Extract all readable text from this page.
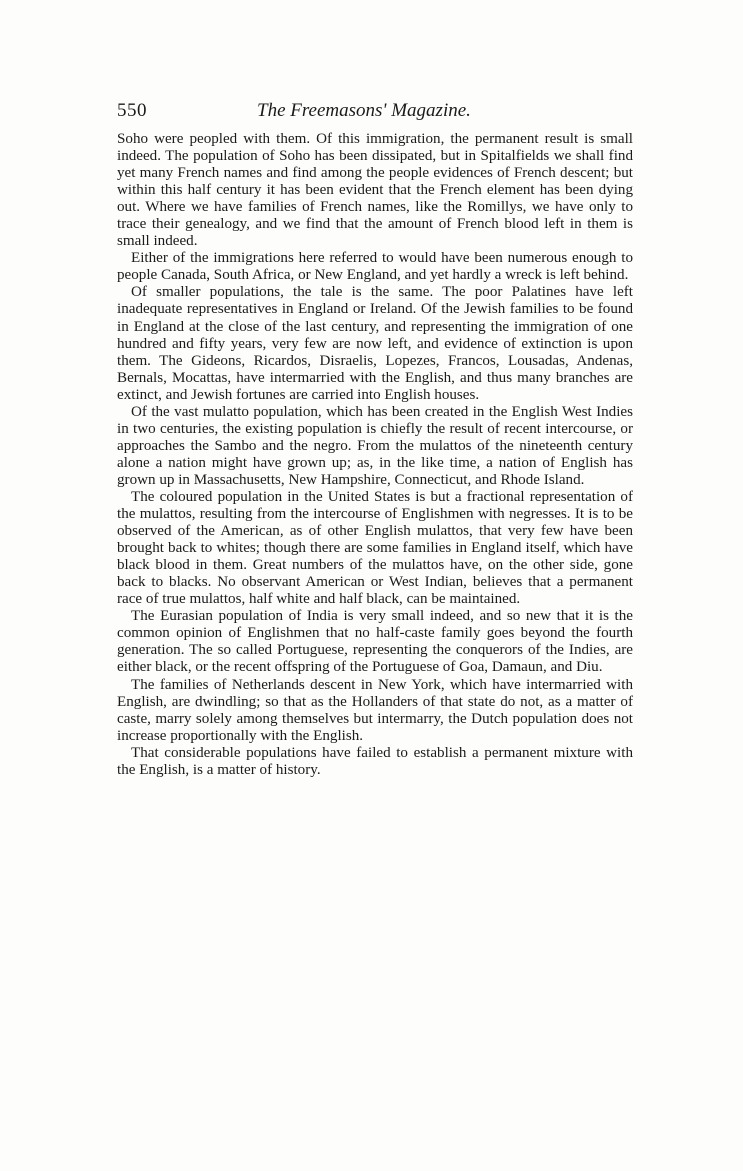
550	The Freemasons' Magazine.

Soho were peopled with them. Of this immigration, the permanent result is small indeed. The population of Soho has been dissipated, but in Spitalfields we shall find yet many French names and find among the people evidences of French descent; but within this half century it has been evident that the French element has been dying out. Where we have families of French names, like the Romillys, we have only to trace their genealogy, and we find that the amount of French blood left in them is small indeed.

Either of the immigrations here referred to would have been numerous enough to people Canada, South Africa, or New England, and yet hardly a wreck is left behind.

Of smaller populations, the tale is the same. The poor Palatines have left inadequate representatives in England or Ireland. Of the Jewish families to be found in England at the close of the last century, and representing the immigration of one hundred and fifty years, very few are now left, and evidence of extinction is upon them. The Gideons, Ricardos, Disraelis, Lopezes, Francos, Lousadas, Andenas, Bernals, Mocattas, have intermarried with the English, and thus many branches are extinct, and Jewish fortunes are carried into English houses.

Of the vast mulatto population, which has been created in the English West Indies in two centuries, the existing population is chiefly the result of recent intercourse, or approaches the Sambo and the negro. From the mulattos of the nineteenth century alone a nation might have grown up; as, in the like time, a nation of English has grown up in Massachusetts, New Hampshire, Connecticut, and Rhode Island.

The coloured population in the United States is but a fractional representation of the mulattos, resulting from the intercourse of Englishmen with negresses. It is to be observed of the American, as of other English mulattos, that very few have been brought back to whites; though there are some families in England itself, which have black blood in them. Great numbers of the mulattos have, on the other side, gone back to blacks. No observant American or West Indian, believes that a permanent race of true mulattos, half white and half black, can be maintained.

The Eurasian population of India is very small indeed, and so new that it is the common opinion of Englishmen that no half-caste family goes beyond the fourth generation. The so called Portuguese, representing the conquerors of the Indies, are either black, or the recent offspring of the Portuguese of Goa, Damaun, and Diu.

The families of Netherlands descent in New York, which have intermarried with English, are dwindling; so that as the Hollanders of that state do not, as a matter of caste, marry solely among themselves but intermarry, the Dutch population does not increase proportionally with the English.

That considerable populations have failed to establish a permanent mixture with the English, is a matter of history.
